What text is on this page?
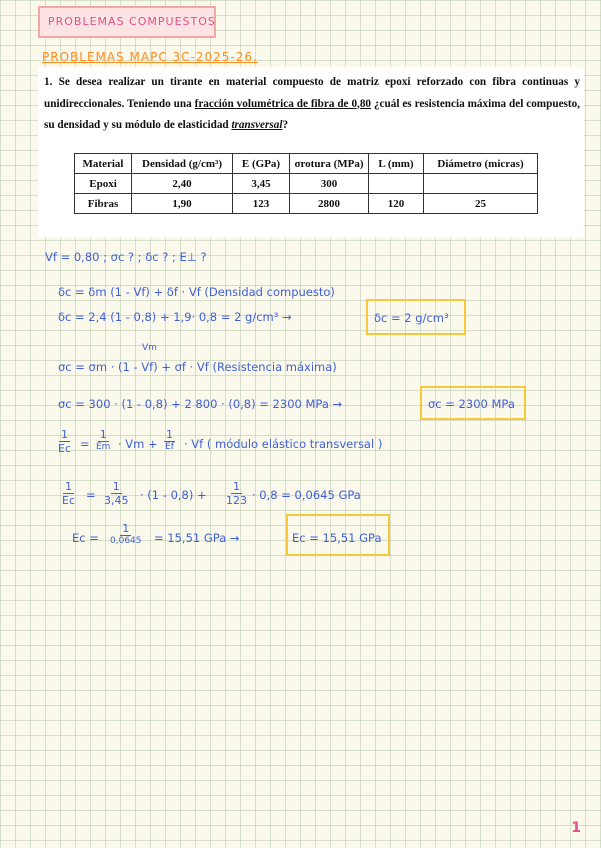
PROBLEMAS COMPUESTOS
PROBLEMAS MAPC 3C-2025-26.
1. Se desea realizar un tirante en material compuesto de matriz epoxi reforzado con fibra continuas y unidireccionales. Teniendo una fracción volumétrica de fibra de 0,80 ¿cuál es resistencia máxima del compuesto, su densidad y su módulo de elasticidad transversal?
Material	Densidad (g/cm³)	E (GPa)	σrotura (MPa)	L (mm)	Diámetro (micras)
Epoxi	2,40	3,45	300		
Fibras	1,90	123	2800	120	25
Vf = 0,80 ; σc ? ; δc ? ; E⊥ ?
δc = δm (1 - Vf) + δf · Vf (Densidad compuesto)
δc = 2,4 (1 - 0,8) + 1,9· 0,8 = 2 g/cm³ →	δc = 2 g/cm³
Vm
σc = σm · (1 - Vf) + σf · Vf (Resistencia máxima)
σc = 300 · (1 - 0,8) + 2 800 · (0,8) = 2300 MPa →	σc = 2300 MPa
$\frac{1}{Ec}$ =
1
Em · Vm +
1
Ef · Vf ( módulo elástico transversal )
$\frac{1}{Ec} = \frac{1}{3,45} \cdot (1 - 0,8) + \frac{1}{123} \cdot 0,8 = 0,0645$ GPa
Ec =
1
0,0645 = 15,51 GPa →	Ec = 15,51 GPa
1
